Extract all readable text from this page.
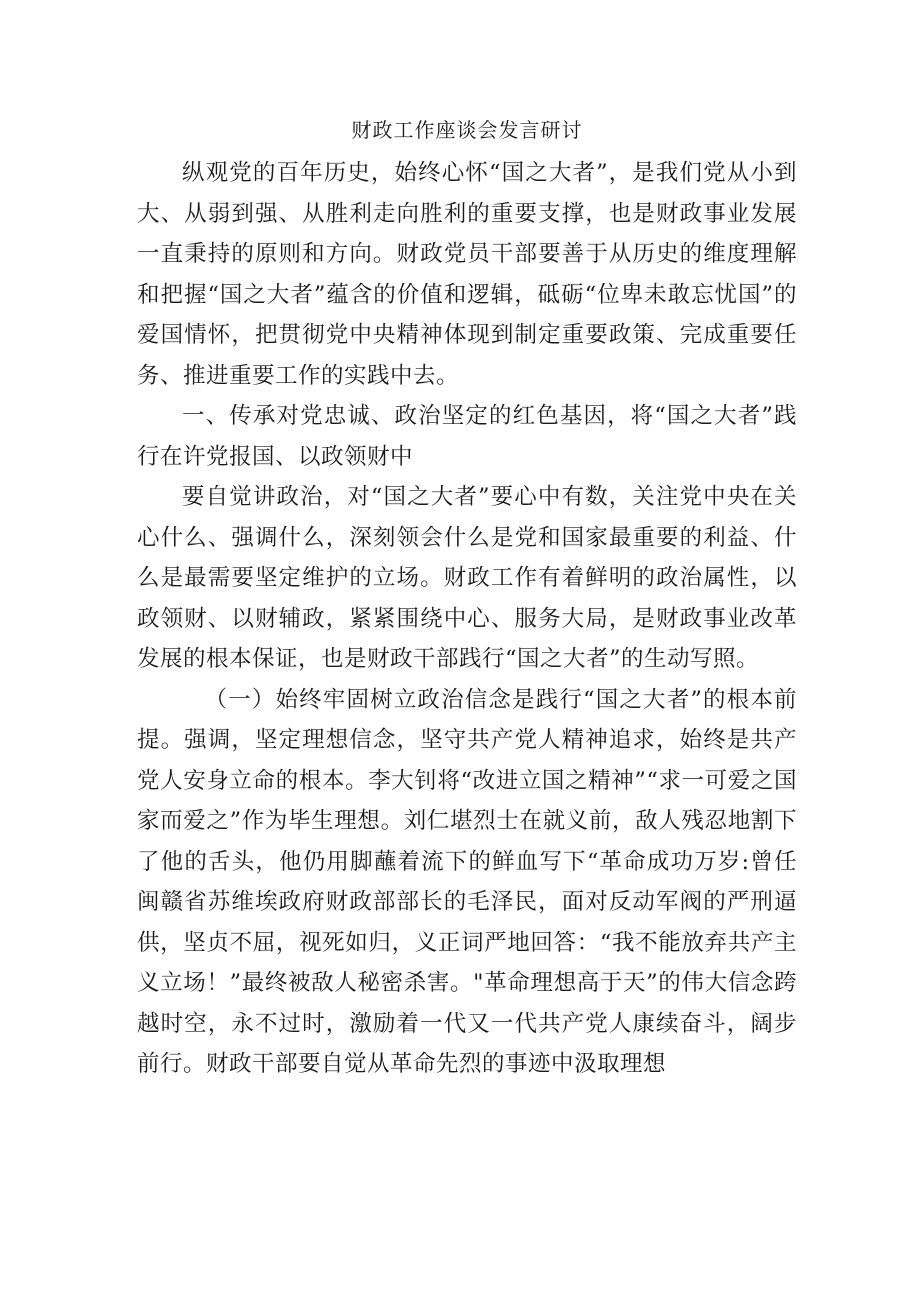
财政工作座谈会发言研讨

纵观党的百年历史，始终心怀“国之大者”，是我们党从小到大、从弱到强、从胜利走向胜利的重要支撑，也是财政事业发展一直秉持的原则和方向。财政党员干部要善于从历史的维度理解和把握“国之大者”蕴含的价值和逻辑，砥砺“位卑未敢忘忧国”的爱国情怀，把贯彻党中央精神体现到制定重要政策、完成重要任务、推进重要工作的实践中去。

一、传承对党忠诚、政治坚定的红色基因，将“国之大者”践行在许党报国、以政领财中

要自觉讲政治，对“国之大者”要心中有数，关注党中央在关心什么、强调什么，深刻领会什么是党和国家最重要的利益、什么是最需要坚定维护的立场。财政工作有着鲜明的政治属性，以政领财、以财辅政，紧紧围绕中心、服务大局，是财政事业改革发展的根本保证，也是财政干部践行“国之大者”的生动写照。

（一）始终牢固树立政治信念是践行“国之大者”的根本前提。强调，坚定理想信念，坚守共产党人精神追求，始终是共产党人安身立命的根本。李大钊将“改进立国之精神”“求一可爱之国家而爱之”作为毕生理想。刘仁堪烈士在就义前，敌人残忍地割下了他的舌头，他仍用脚蘸着流下的鲜血写下“革命成功万岁:曾任闽赣省苏维埃政府财政部部长的毛泽民，面对反动军阀的严刑逼供，坚贞不屈，视死如归，义正词严地回答：“我不能放弃共产主义立场！”最终被敌人秘密杀害。"革命理想高于天”的伟大信念跨越时空，永不过时，激励着一代又一代共产党人康续奋斗，阔步前行。财政干部要自觉从革命先烈的事迹中汲取理想
